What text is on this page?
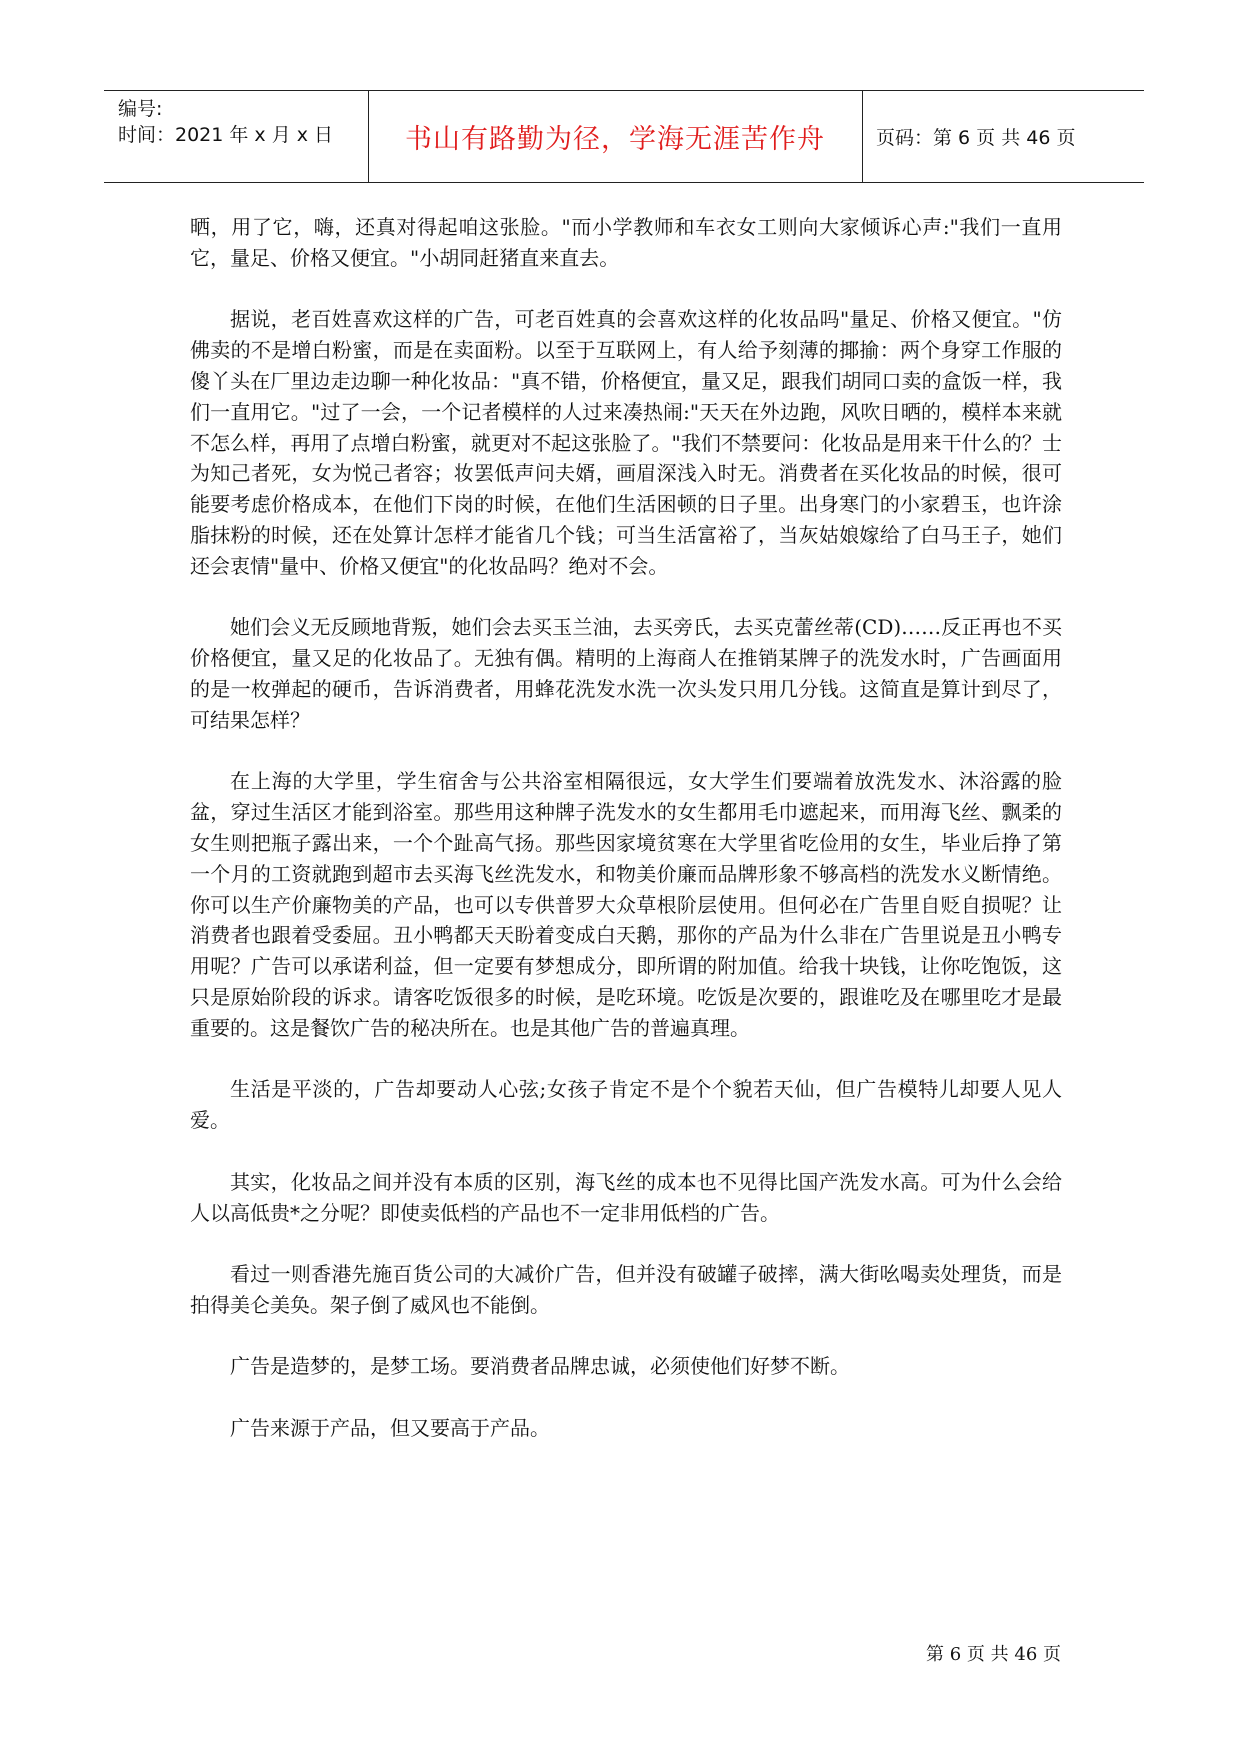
编号:
时间：2021 年 x 月 x 日	书山有路勤为径，学海无涯苦作舟	页码：第 6 页 共 46 页

晒，用了它，嗨，还真对得起咱这张脸。"而小学教师和车衣女工则向大家倾诉心声:"我们一直用它，量足、价格又便宜。"小胡同赶猪直来直去。

据说，老百姓喜欢这样的广告，可老百姓真的会喜欢这样的化妆品吗"量足、价格又便宜。"仿佛卖的不是增白粉蜜，而是在卖面粉。以至于互联网上，有人给予刻薄的揶揄：两个身穿工作服的傻丫头在厂里边走边聊一种化妆品："真不错，价格便宜，量又足，跟我们胡同口卖的盒饭一样，我们一直用它。"过了一会，一个记者模样的人过来凑热闹:"天天在外边跑，风吹日晒的，模样本来就不怎么样，再用了点增白粉蜜，就更对不起这张脸了。"我们不禁要问：化妆品是用来干什么的？士为知己者死，女为悦己者容；妆罢低声问夫婿，画眉深浅入时无。消费者在买化妆品的时候，很可能要考虑价格成本，在他们下岗的时候，在他们生活困顿的日子里。出身寒门的小家碧玉，也许涂脂抹粉的时候，还在处算计怎样才能省几个钱；可当生活富裕了，当灰姑娘嫁给了白马王子，她们还会衷情"量中、价格又便宜"的化妆品吗？绝对不会。

她们会义无反顾地背叛，她们会去买玉兰油，去买旁氏，去买克蕾丝蒂(CD)……反正再也不买价格便宜，量又足的化妆品了。无独有偶。精明的上海商人在推销某牌子的洗发水时，广告画面用的是一枚弹起的硬币，告诉消费者，用蜂花洗发水洗一次头发只用几分钱。这简直是算计到尽了，可结果怎样？

在上海的大学里，学生宿舍与公共浴室相隔很远，女大学生们要端着放洗发水、沐浴露的脸盆，穿过生活区才能到浴室。那些用这种牌子洗发水的女生都用毛巾遮起来，而用海飞丝、飘柔的女生则把瓶子露出来，一个个趾高气扬。那些因家境贫寒在大学里省吃俭用的女生，毕业后挣了第一个月的工资就跑到超市去买海飞丝洗发水，和物美价廉而品牌形象不够高档的洗发水义断情绝。你可以生产价廉物美的产品，也可以专供普罗大众草根阶层使用。但何必在广告里自贬自损呢？让消费者也跟着受委屈。丑小鸭都天天盼着变成白天鹅，那你的产品为什么非在广告里说是丑小鸭专用呢？广告可以承诺利益，但一定要有梦想成分，即所谓的附加值。给我十块钱，让你吃饱饭，这只是原始阶段的诉求。请客吃饭很多的时候，是吃环境。吃饭是次要的，跟谁吃及在哪里吃才是最重要的。这是餐饮广告的秘决所在。也是其他广告的普遍真理。

生活是平淡的，广告却要动人心弦;女孩子肯定不是个个貌若天仙，但广告模特儿却要人见人爱。

其实，化妆品之间并没有本质的区别，海飞丝的成本也不见得比国产洗发水高。可为什么会给人以高低贵*之分呢？即使卖低档的产品也不一定非用低档的广告。

看过一则香港先施百货公司的大减价广告，但并没有破罐子破摔，满大街吆喝卖处理货，而是拍得美仑美奂。架子倒了威风也不能倒。

广告是造梦的，是梦工场。要消费者品牌忠诚，必须使他们好梦不断。

广告来源于产品，但又要高于产品。

第 6 页 共 46 页
